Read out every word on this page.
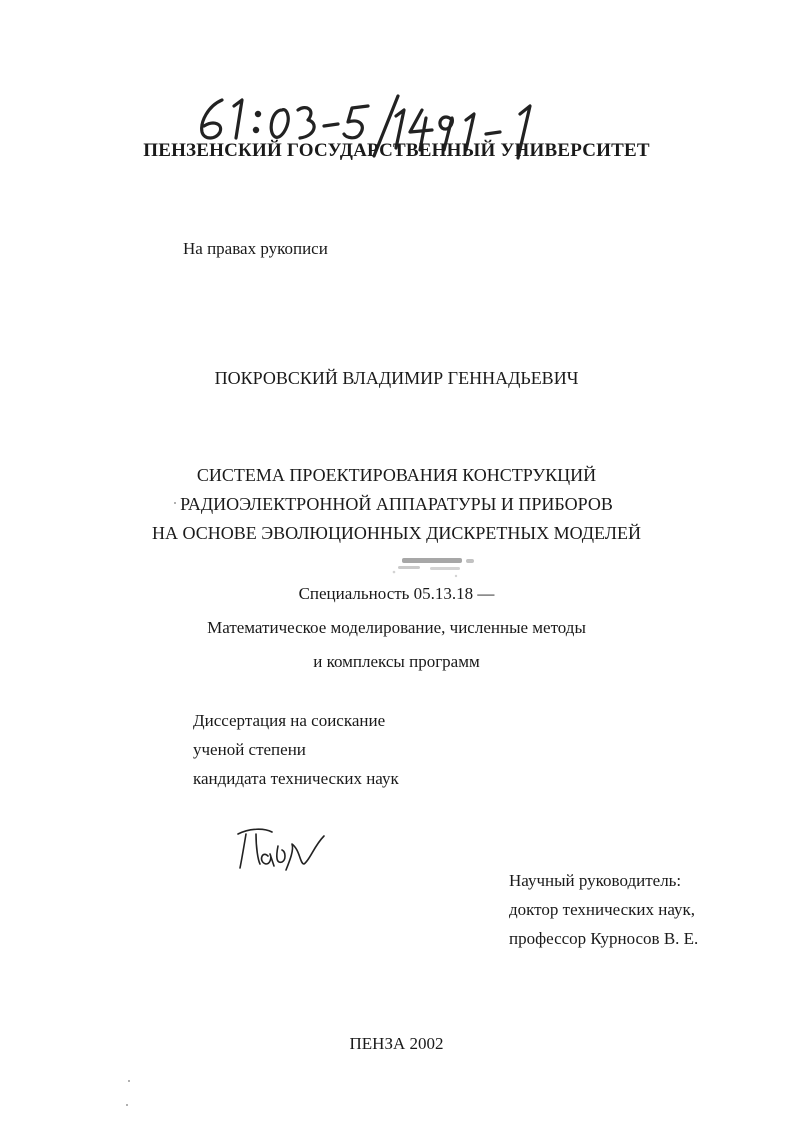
ПЕНЗЕНСКИЙ ГОСУДАРСТВЕННЫЙ УНИВЕРСИТЕТ
На правах рукописи
ПОКРОВСКИЙ ВЛАДИМИР ГЕННАДЬЕВИЧ
СИСТЕМА ПРОЕКТИРОВАНИЯ КОНСТРУКЦИЙ
РАДИОЭЛЕКТРОННОЙ АППАРАТУРЫ И ПРИБОРОВ
НА ОСНОВЕ ЭВОЛЮЦИОННЫХ ДИСКРЕТНЫХ МОДЕЛЕЙ
Специальность 05.13.18 —
Математическое моделирование, численные методы
и комплексы программ
Диссертация на соискание
ученой степени
кандидата технических наук
Научный руководитель:
доктор технических наук,
профессор Курносов В. Е.
ПЕНЗА 2002
